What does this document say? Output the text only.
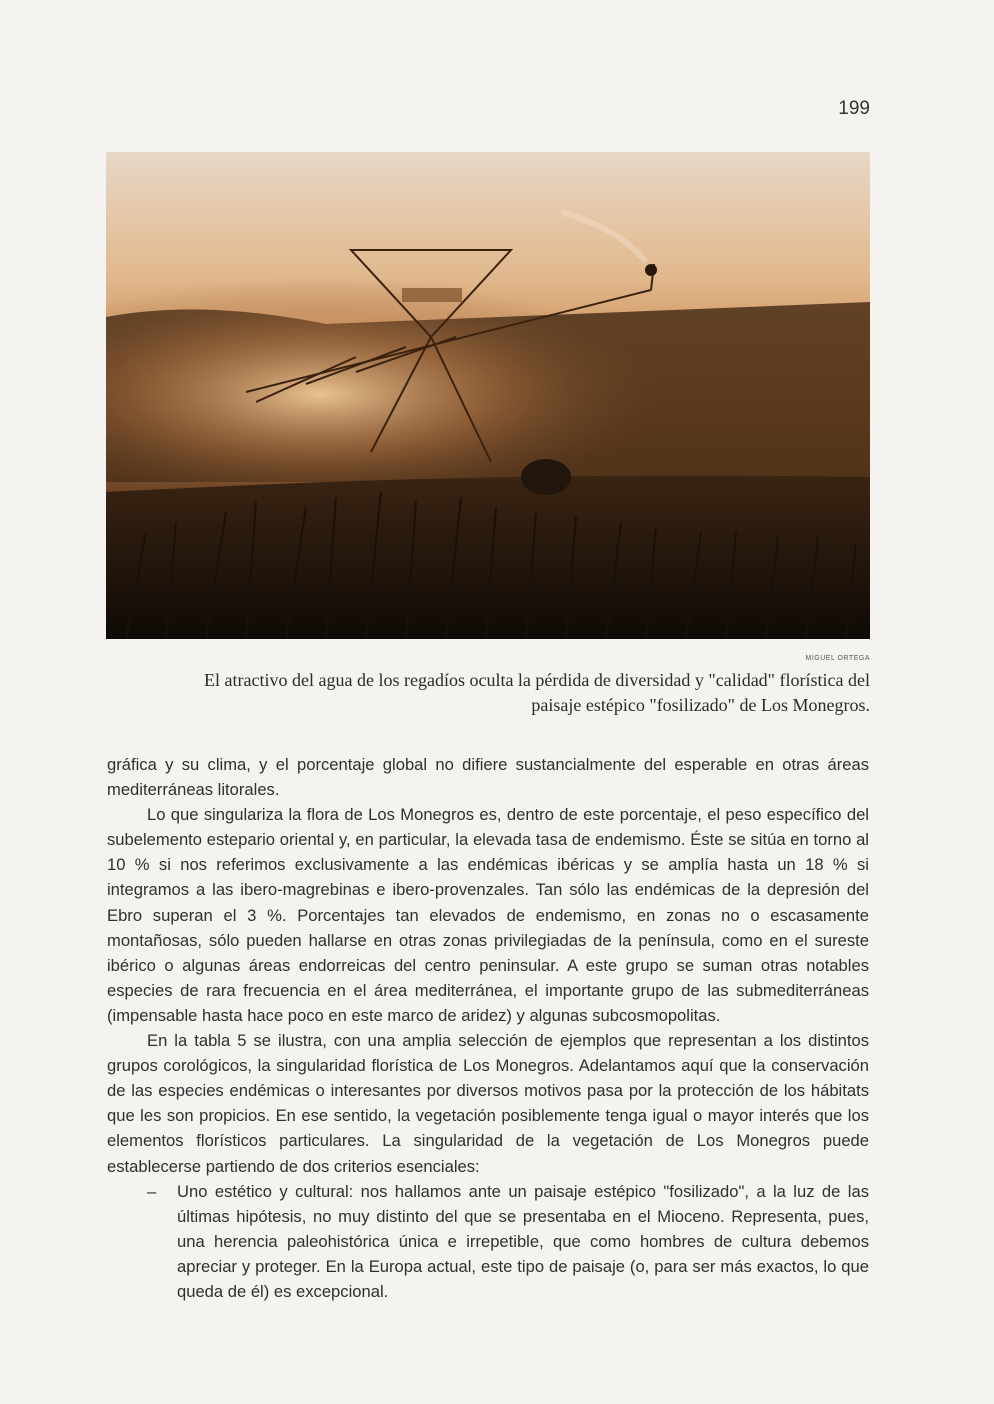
199
MIGUEL ORTEGA
El atractivo del agua de los regadíos oculta la pérdida de diversidad y "calidad" florística del
paisaje estépico "fosilizado" de Los Monegros.

gráfica y su clima, y el porcentaje global no difiere sustancialmente del esperable en otras áreas mediterráneas litorales.

Lo que singulariza la flora de Los Monegros es, dentro de este porcentaje, el peso específico del subelemento estepario oriental y, en particular, la elevada tasa de endemismo. Éste se sitúa en torno al 10 % si nos referimos exclusivamente a las endémicas ibéricas y se amplía hasta un 18 % si integramos a las ibero-magrebinas e ibero-provenzales. Tan sólo las endémicas de la depresión del Ebro superan el 3 %. Porcentajes tan elevados de endemismo, en zonas no o escasamente montañosas, sólo pueden hallarse en otras zonas privilegiadas de la península, como en el sureste ibérico o algunas áreas endorreicas del centro peninsular. A este grupo se suman otras notables especies de rara frecuencia en el área mediterránea, el importante grupo de las submediterráneas (impensable hasta hace poco en este marco de aridez) y algunas subcosmopolitas.

En la tabla 5 se ilustra, con una amplia selección de ejemplos que representan a los distintos grupos corológicos, la singularidad florística de Los Monegros. Adelantamos aquí que la conservación de las especies endémicas o interesantes por diversos motivos pasa por la protección de los hábitats que les son propicios. En ese sentido, la vegetación posiblemente tenga igual o mayor interés que los elementos florísticos particulares. La singularidad de la vegetación de Los Monegros puede establecerse partiendo de dos criterios esenciales:

–	Uno estético y cultural: nos hallamos ante un paisaje estépico "fosilizado", a la luz de las últimas hipótesis, no muy distinto del que se presentaba en el Mioceno. Representa, pues, una herencia paleohistórica única e irrepetible, que como hombres de cultura debemos apreciar y proteger. En la Europa actual, este tipo de paisaje (o, para ser más exactos, lo que queda de él) es excepcional.
